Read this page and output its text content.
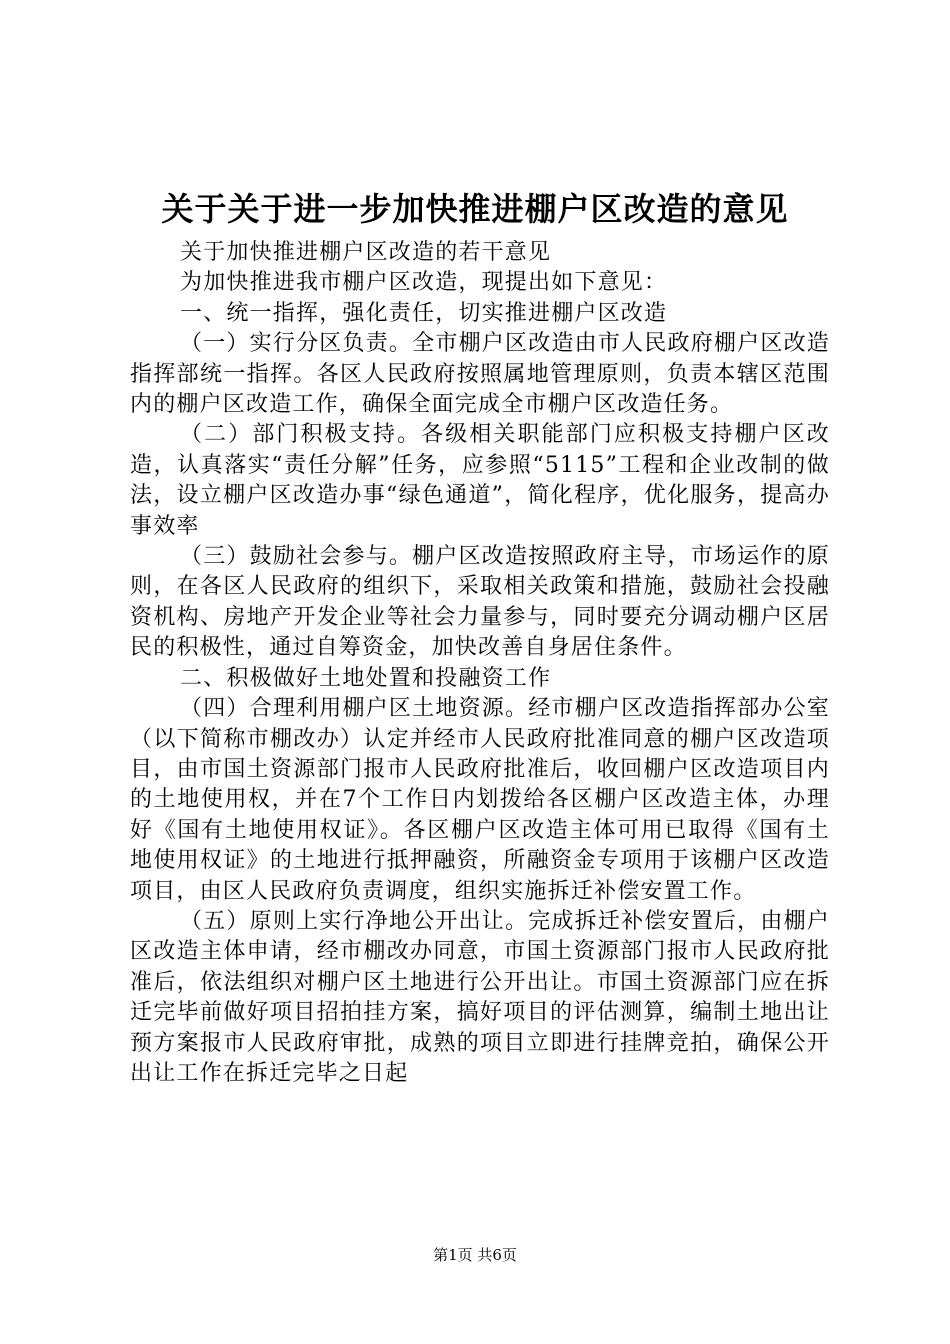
关于关于进一步加快推进棚户区改造的意见

关于加快推进棚户区改造的若干意见

为加快推进我市棚户区改造，现提出如下意见：

一、统一指挥，强化责任，切实推进棚户区改造

（一）实行分区负责。全市棚户区改造由市人民政府棚户区改造指挥部统一指挥。各区人民政府按照属地管理原则，负责本辖区范围内的棚户区改造工作，确保全面完成全市棚户区改造任务。

（二）部门积极支持。各级相关职能部门应积极支持棚户区改造，认真落实“责任分解”任务，应参照“5115”工程和企业改制的做法，设立棚户区改造办事“绿色通道”，简化程序，优化服务，提高办事效率

（三）鼓励社会参与。棚户区改造按照政府主导，市场运作的原则，在各区人民政府的组织下，采取相关政策和措施，鼓励社会投融资机构、房地产开发企业等社会力量参与，同时要充分调动棚户区居民的积极性，通过自筹资金，加快改善自身居住条件。

二、积极做好土地处置和投融资工作

（四）合理利用棚户区土地资源。经市棚户区改造指挥部办公室（以下简称市棚改办）认定并经市人民政府批准同意的棚户区改造项目，由市国土资源部门报市人民政府批准后，收回棚户区改造项目内的土地使用权，并在7个工作日内划拨给各区棚户区改造主体，办理好《国有土地使用权证》。各区棚户区改造主体可用已取得《国有土地使用权证》的土地进行抵押融资，所融资金专项用于该棚户区改造项目，由区人民政府负责调度，组织实施拆迁补偿安置工作。

（五）原则上实行净地公开出让。完成拆迁补偿安置后，由棚户区改造主体申请，经市棚改办同意，市国土资源部门报市人民政府批准后，依法组织对棚户区土地进行公开出让。市国土资源部门应在拆迁完毕前做好项目招拍挂方案，搞好项目的评估测算，编制土地出让预方案报市人民政府审批，成熟的项目立即进行挂牌竞拍，确保公开出让工作在拆迁完毕之日起

第1页 共6页
